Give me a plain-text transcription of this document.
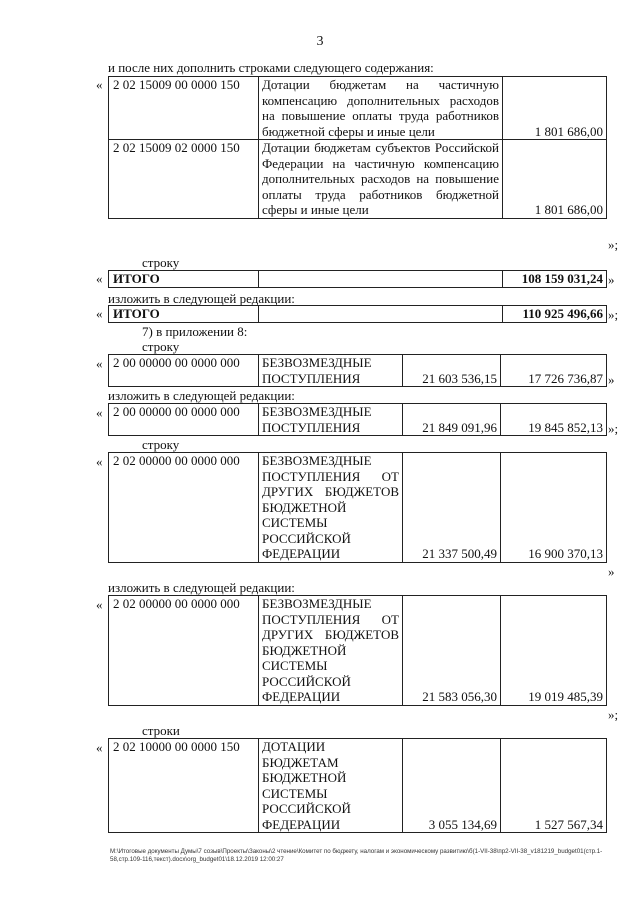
3
и после них дополнить строками следующего содержания:
« 2 02 15009 00 0000 150	Дотации бюджетам на частичную компенсацию дополнительных расходов на повышение оплаты труда работников бюджетной сферы и иные цели	1 801 686,00
2 02 15009 02 0000 150	Дотации бюджетам субъектов Российской Федерации на частичную компенсацию дополнительных расходов на повышение оплаты труда работников бюджетной сферы и иные цели	1 801 686,00
»;
строку
« ИТОГО		108 159 031,24 »
изложить в следующей редакции:
« ИТОГО		110 925 496,66 »;
7) в приложении 8:
строку
« 2 00 00000 00 0000 000	БЕЗВОЗМЕЗДНЫЕ ПОСТУПЛЕНИЯ	21 603 536,15	17 726 736,87 »
изложить в следующей редакции:
« 2 00 00000 00 0000 000	БЕЗВОЗМЕЗДНЫЕ ПОСТУПЛЕНИЯ	21 849 091,96	19 845 852,13 »;
строку
« 2 02 00000 00 0000 000	БЕЗВОЗМЕЗДНЫЕ ПОСТУПЛЕНИЯ ОТ ДРУГИХ БЮДЖЕТОВ БЮДЖЕТНОЙ СИСТЕМЫ РОССИЙСКОЙ ФЕДЕРАЦИИ	21 337 500,49	16 900 370,13
»
изложить в следующей редакции:
« 2 02 00000 00 0000 000	БЕЗВОЗМЕЗДНЫЕ ПОСТУПЛЕНИЯ ОТ ДРУГИХ БЮДЖЕТОВ БЮДЖЕТНОЙ СИСТЕМЫ РОССИЙСКОЙ ФЕДЕРАЦИИ	21 583 056,30	19 019 485,39
»;
строки
« 2 02 10000 00 0000 150	ДОТАЦИИ БЮДЖЕТАМ БЮДЖЕТНОЙ СИСТЕМЫ РОССИЙСКОЙ ФЕДЕРАЦИИ	3 055 134,69	1 527 567,34
M:\Итоговые документы Думы\7 созыв\Проекты\Законы\2 чтение\Комитет по бюджету, налогам и экономическому развитию\б(1-VII-38\пр2-VII-38_v181219_budget01(стр.1-58,стр.109-116,текст).docx\org_budget01\18.12.2019 12:00:27
